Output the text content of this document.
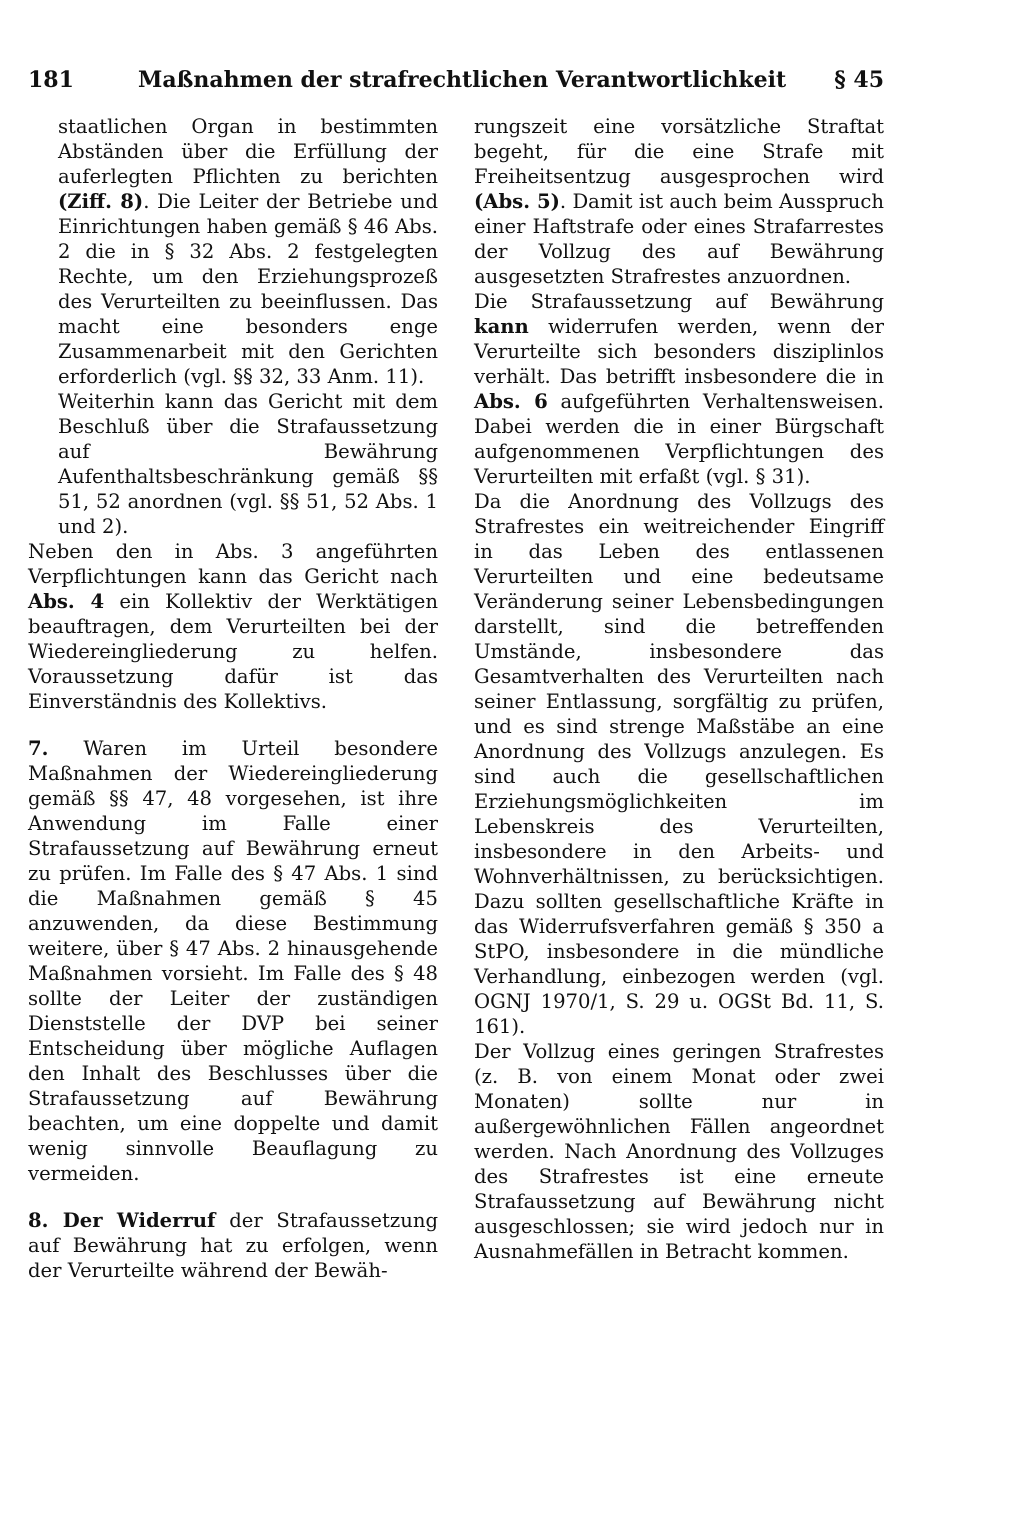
181	Maßnahmen der strafrechtlichen Verantwortlichkeit	§ 45

staatlichen Organ in bestimmten Abständen über die Erfüllung der auferlegten Pflichten zu berichten (Ziff. 8). Die Leiter der Betriebe und Einrichtungen haben gemäß § 46 Abs. 2 die in § 32 Abs. 2 festgelegten Rechte, um den Erziehungsprozeß des Verurteilten zu beeinflussen. Das macht eine besonders enge Zusammenarbeit mit den Gerichten erforderlich (vgl. §§ 32, 33 Anm. 11).

Weiterhin kann das Gericht mit dem Beschluß über die Strafaussetzung auf Bewährung Aufenthaltsbeschränkung gemäß §§ 51, 52 anordnen (vgl. §§ 51, 52 Abs. 1 und 2).

Neben den in Abs. 3 angeführten Verpflichtungen kann das Gericht nach Abs. 4 ein Kollektiv der Werktätigen beauftragen, dem Verurteilten bei der Wiedereingliederung zu helfen. Voraussetzung dafür ist das Einverständnis des Kollektivs.

7. Waren im Urteil besondere Maßnahmen der Wiedereingliederung gemäß §§ 47, 48 vorgesehen, ist ihre Anwendung im Falle einer Strafaussetzung auf Bewährung erneut zu prüfen. Im Falle des § 47 Abs. 1 sind die Maßnahmen gemäß § 45 anzuwenden, da diese Bestimmung weitere, über § 47 Abs. 2 hinausgehende Maßnahmen vorsieht. Im Falle des § 48 sollte der Leiter der zuständigen Dienststelle der DVP bei seiner Entscheidung über mögliche Auflagen den Inhalt des Beschlusses über die Strafaussetzung auf Bewährung beachten, um eine doppelte und damit wenig sinnvolle Beauflagung zu vermeiden.

8. Der Widerruf der Strafaussetzung auf Bewährung hat zu erfolgen, wenn der Verurteilte während der Bewäh-

rungszeit eine vorsätzliche Straftat begeht, für die eine Strafe mit Freiheitsentzug ausgesprochen wird (Abs. 5). Damit ist auch beim Ausspruch einer Haftstrafe oder eines Strafarrestes der Vollzug des auf Bewährung ausgesetzten Strafrestes anzuordnen.

Die Strafaussetzung auf Bewährung kann widerrufen werden, wenn der Verurteilte sich besonders disziplinlos verhält. Das betrifft insbesondere die in Abs. 6 aufgeführten Verhaltensweisen. Dabei werden die in einer Bürgschaft aufgenommenen Verpflichtungen des Verurteilten mit erfaßt (vgl. § 31).

Da die Anordnung des Vollzugs des Strafrestes ein weitreichender Eingriff in das Leben des entlassenen Verurteilten und eine bedeutsame Veränderung seiner Lebensbedingungen darstellt, sind die betreffenden Umstände, insbesondere das Gesamtverhalten des Verurteilten nach seiner Entlassung, sorgfältig zu prüfen, und es sind strenge Maßstäbe an eine Anordnung des Vollzugs anzulegen. Es sind auch die gesellschaftlichen Erziehungsmöglichkeiten im Lebenskreis des Verurteilten, insbesondere in den Arbeits- und Wohnverhältnissen, zu berücksichtigen. Dazu sollten gesellschaftliche Kräfte in das Widerrufsverfahren gemäß § 350 a StPO, insbesondere in die mündliche Verhandlung, einbezogen werden (vgl. OGNJ 1970/1, S. 29 u. OGSt Bd. 11, S. 161).

Der Vollzug eines geringen Strafrestes (z. B. von einem Monat oder zwei Monaten) sollte nur in außergewöhnlichen Fällen angeordnet werden. Nach Anordnung des Vollzuges des Strafrestes ist eine erneute Strafaussetzung auf Bewährung nicht ausgeschlossen; sie wird jedoch nur in Ausnahmefällen in Betracht kommen.
